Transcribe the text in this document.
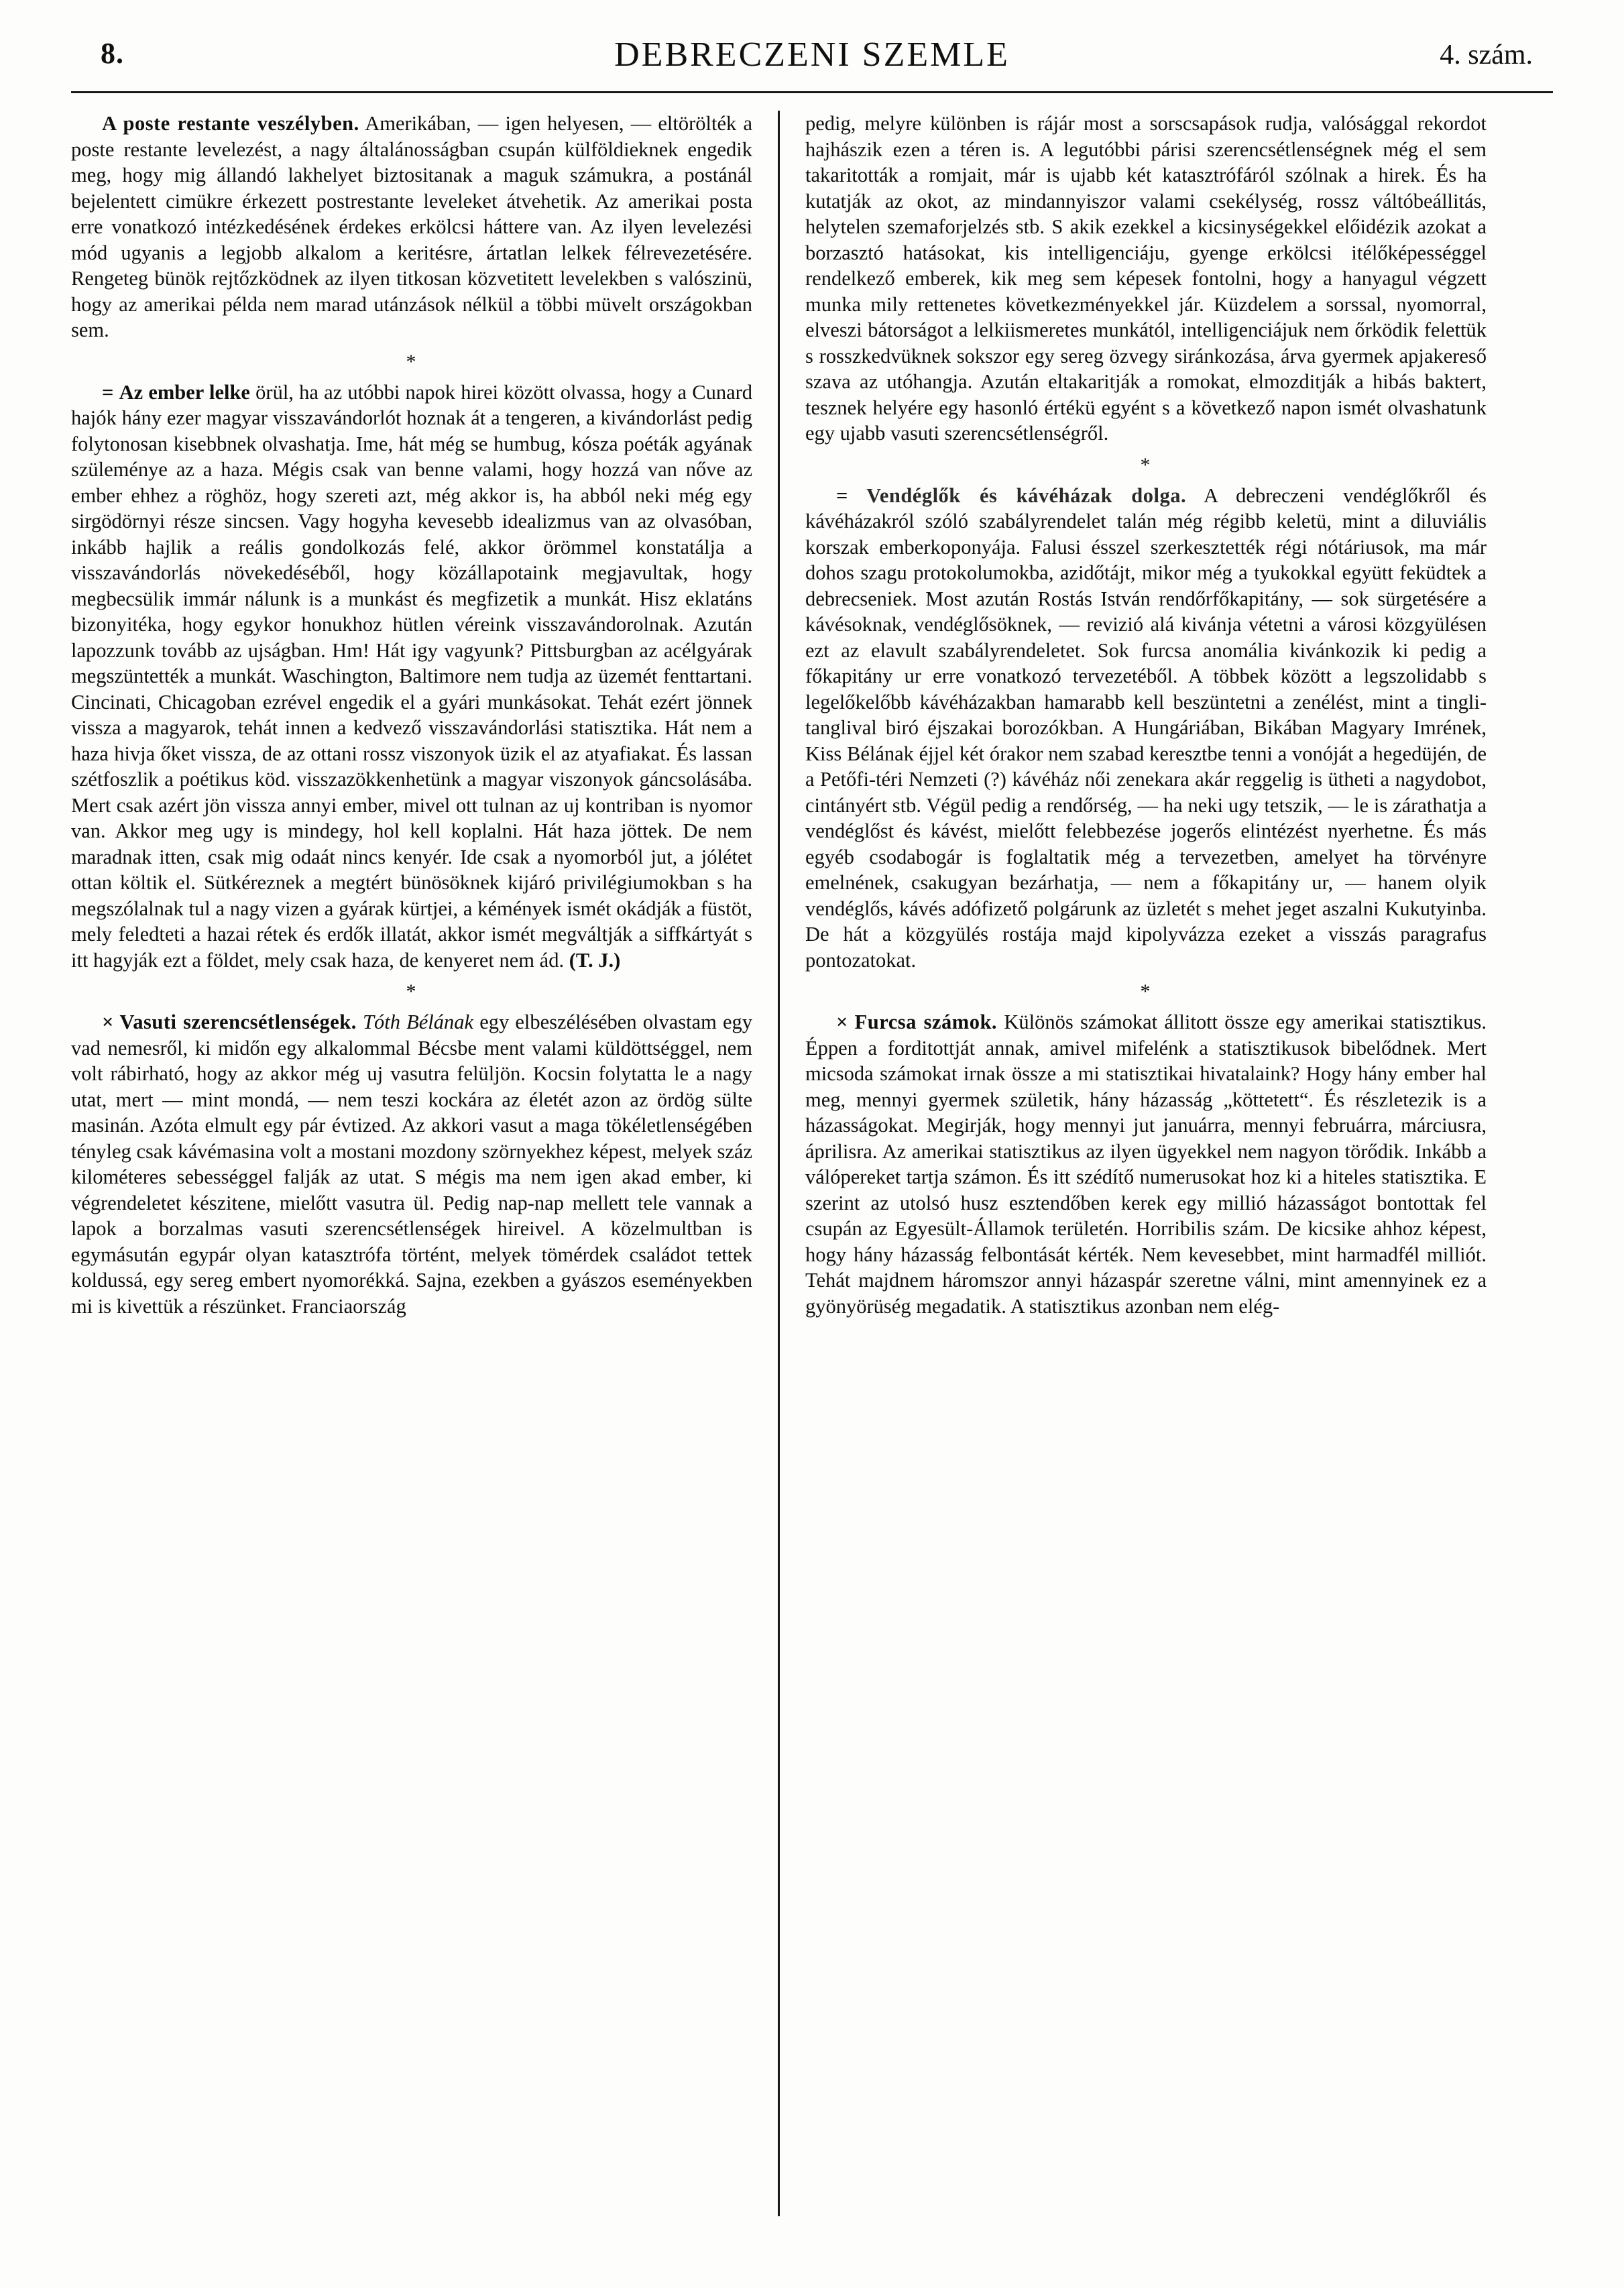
8.	DEBRECZENI SZEMLE	4. szám.

A poste restante veszélyben. Amerikában, — igen helyesen, — eltörölték a poste restante levelezést, a nagy általánosságban csupán külföldieknek engedik meg, hogy mig állandó lakhelyet biztositanak a maguk számukra, a postánál bejelentett cimükre érkezett postrestante leveleket átvehetik. Az amerikai posta erre vonatkozó intézkedésének érdekes erkölcsi háttere van. Az ilyen levelezési mód ugyanis a legjobb alkalom a keritésre, ártatlan lelkek félrevezetésére. Rengeteg bünök rejtőzködnek az ilyen titkosan közvetitett levelekben s valószinü, hogy az amerikai példa nem marad utánzások nélkül a többi müvelt országokban sem.

*

= Az ember lelke örül, ha az utóbbi napok hirei között olvassa, hogy a Cunard hajók hány ezer magyar visszavándorlót hoznak át a tengeren, a kivándorlást pedig folytonosan kisebbnek olvashatja. Ime, hát még se humbug, kósza poéták agyának szüleménye az a haza. Mégis csak van benne valami, hogy hozzá van nőve az ember ehhez a röghöz, hogy szereti azt, még akkor is, ha abból neki még egy sirgödörnyi része sincsen. Vagy hogyha kevesebb idealizmus van az olvasóban, inkább hajlik a reális gondolkozás felé, akkor örömmel konstatálja a visszavándorlás növekedéséből, hogy közállapotaink megjavultak, hogy megbecsülik immár nálunk is a munkást és megfizetik a munkát. Hisz eklatáns bizonyitéka, hogy egykor honukhoz hütlen véreink visszavándorolnak. Azután lapozzunk tovább az ujságban. Hm! Hát igy vagyunk? Pittsburgban az acélgyárak megszüntették a munkát. Waschington, Baltimore nem tudja az üzemét fenttartani. Cincinati, Chicagoban ezrével engedik el a gyári munkásokat. Tehát ezért jönnek vissza a magyarok, tehát innen a kedvező visszavándorlási statisztika. Hát nem a haza hivja őket vissza, de az ottani rossz viszonyok üzik el az atyafiakat. És lassan szétfoszlik a poétikus köd. visszazökkenhetünk a magyar viszonyok gáncsolásába. Mert csak azért jön vissza annyi ember, mivel ott tulnan az uj kontriban is nyomor van. Akkor meg ugy is mindegy, hol kell koplalni. Hát haza jöttek. De nem maradnak itten, csak mig odaát nincs kenyér. Ide csak a nyomorból jut, a jólétet ottan költik el. Sütkéreznek a megtért bünösöknek kijáró privilégiumokban s ha megszólalnak tul a nagy vizen a gyárak kürtjei, a kémények ismét okádják a füstöt, mely feledteti a hazai rétek és erdők illatát, akkor ismét megváltják a siffkártyát s itt hagyják ezt a földet, mely csak haza, de kenyeret nem ád. (T. J.)

*

× Vasuti szerencsétlenségek. Tóth Bélának egy elbeszélésében olvastam egy vad nemesről, ki midőn egy alkalommal Bécsbe ment valami küldöttséggel, nem volt rábirható, hogy az akkor még uj vasutra felüljön. Kocsin folytatta le a nagy utat, mert — mint mondá, — nem teszi kockára az életét azon az ördög sülte masinán. Azóta elmult egy pár évtized. Az akkori vasut a maga tökéletlenségében tényleg csak kávémasina volt a mostani mozdony szörnyekhez képest, melyek száz kilométeres sebességgel falják az utat. S mégis ma nem igen akad ember, ki végrendeletet készitene, mielőtt vasutra ül. Pedig nap-nap mellett tele vannak a lapok a borzalmas vasuti szerencsétlenségek hireivel. A közelmultban is egymásután egypár olyan katasztrófa történt, melyek tömérdek családot tettek koldussá, egy sereg embert nyomorékká. Sajna, ezekben a gyászos eseményekben mi is kivettük a részünket. Franciaország

pedig, melyre különben is rájár most a sorscsapások rudja, valósággal rekordot hajhászik ezen a téren is. A legutóbbi párisi szerencsétlenségnek még el sem takaritották a romjait, már is ujabb két katasztrófáról szólnak a hirek. És ha kutatják az okot, az mindannyiszor valami csekélység, rossz váltóbeállitás, helytelen szemaforjelzés stb. S akik ezekkel a kicsinységekkel előidézik azokat a borzasztó hatásokat, kis intelligenciáju, gyenge erkölcsi itélőképességgel rendelkező emberek, kik meg sem képesek fontolni, hogy a hanyagul végzett munka mily rettenetes következményekkel jár. Küzdelem a sorssal, nyomorral, elveszi bátorságot a lelkiismeretes munkától, intelligenciájuk nem őrködik felettük s rosszkedvüknek sokszor egy sereg özvegy siránkozása, árva gyermek apjakereső szava az utóhangja. Azután eltakaritják a romokat, elmozditják a hibás baktert, tesznek helyére egy hasonló értékü egyént s a következő napon ismét olvashatunk egy ujabb vasuti szerencsétlenségről.

*

= Vendéglők és kávéházak dolga. A debreczeni vendéglőkről és kávéházakról szóló szabályrendelet talán még régibb keletü, mint a diluviális korszak emberkoponyája. Falusi ésszel szerkesztették régi nótáriusok, ma már dohos szagu protokolumokba, azidőtájt, mikor még a tyukokkal együtt feküdtek a debrecseniek. Most azután Rostás István rendőrfőkapitány, — sok sürgetésére a kávésoknak, vendéglősöknek, — revizió alá kivánja vétetni a városi közgyülésen ezt az elavult szabályrendeletet. Sok furcsa anomália kivánkozik ki pedig a főkapitány ur erre vonatkozó tervezetéből. A többek között a legszolidabb s legelőkelőbb kávéházakban hamarabb kell beszüntetni a zenélést, mint a tingli-tanglival biró éjszakai borozókban. A Hungáriában, Bikában Magyary Imrének, Kiss Bélának éjjel két órakor nem szabad keresztbe tenni a vonóját a hegedüjén, de a Petőfi-téri Nemzeti (?) kávéház női zenekara akár reggelig is ütheti a nagydobot, cintányért stb. Végül pedig a rendőrség, — ha neki ugy tetszik, — le is zárathatja a vendéglőst és kávést, mielőtt felebbezése jogerős elintézést nyerhetne. És más egyéb csodabogár is foglaltatik még a tervezetben, amelyet ha törvényre emelnének, csakugyan bezárhatja, — nem a főkapitány ur, — hanem olyik vendéglős, kávés adófizető polgárunk az üzletét s mehet jeget aszalni Kukutyinba. De hát a közgyülés rostája majd kipolyvázza ezeket a visszás paragrafus pontozatokat.

*

× Furcsa számok. Különös számokat állitott össze egy amerikai statisztikus. Éppen a forditottját annak, amivel mifelénk a statisztikusok bibelődnek. Mert micsoda számokat irnak össze a mi statisztikai hivatalaink? Hogy hány ember hal meg, mennyi gyermek születik, hány házasság „köttetett“. És részletezik is a házasságokat. Megirják, hogy mennyi jut januárra, mennyi februárra, márciusra, áprilisra. Az amerikai statisztikus az ilyen ügyekkel nem nagyon törődik. Inkább a válópereket tartja számon. És itt szédítő numerusokat hoz ki a hiteles statisztika. E szerint az utolsó husz esztendőben kerek egy millió házasságot bontottak fel csupán az Egyesült-Államok területén. Horribilis szám. De kicsike ahhoz képest, hogy hány házasság felbontását kérték. Nem kevesebbet, mint harmadfél milliót. Tehát majdnem háromszor annyi házaspár szeretne válni, mint amennyinek ez a gyönyörüség megadatik. A statisztikus azonban nem elég-
